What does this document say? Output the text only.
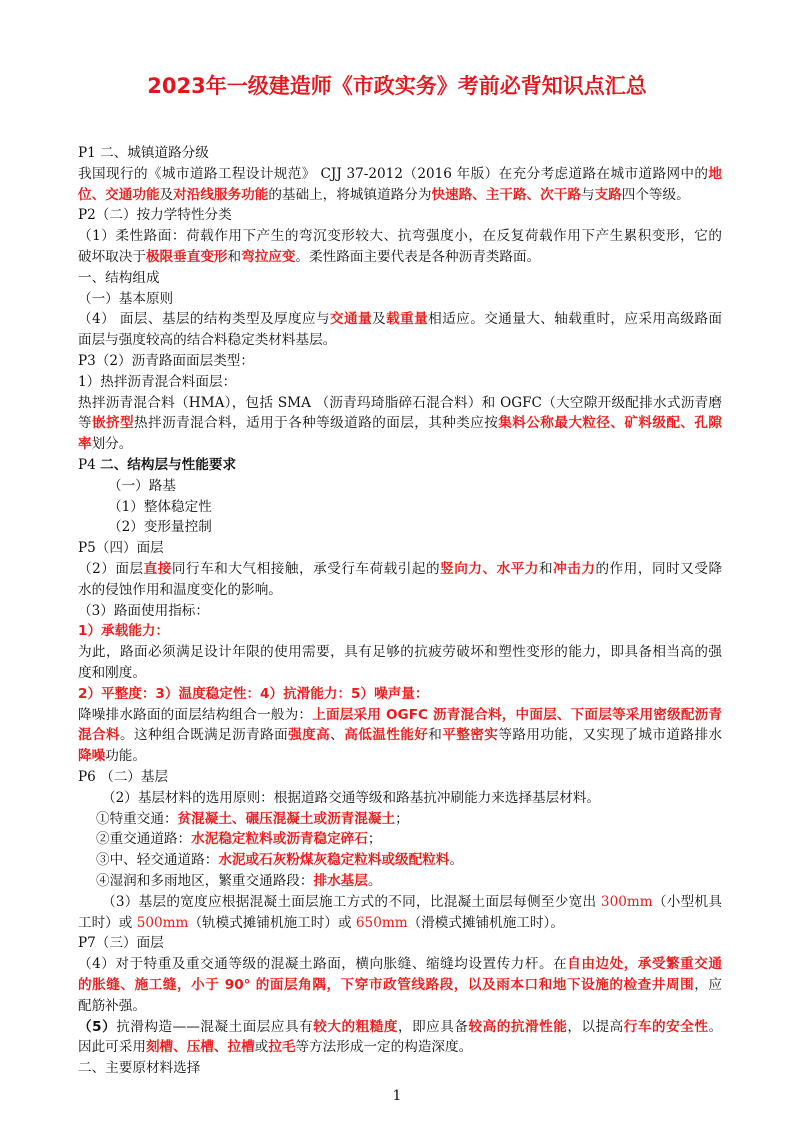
2023年一级建造师《市政实务》考前必背知识点汇总
P1 二、城镇道路分级
我国现行的《城市道路工程设计规范》 CJJ 37-2012（2016 年版）在充分考虑道路在城市道路网中的地
位、交通功能及对沿线服务功能的基础上，将城镇道路分为快速路、主干路、次干路与支路四个等级。
P2（二）按力学特性分类
（1）柔性路面：荷载作用下产生的弯沉变形较大、抗弯强度小，在反复荷载作用下产生累积变形，它的
破坏取决于极限垂直变形和弯拉应变。柔性路面主要代表是各种沥青类路面。
一、结构组成
（一）基本原则
（4） 面层、基层的结构类型及厚度应与交通量及载重量相适应。交通量大、轴载重时，应采用高级路面
面层与强度较高的结合料稳定类材料基层。
P3（2）沥青路面面层类型：
1）热拌沥青混合料面层：
热拌沥青混合料（HMA），包括 SMA （沥青玛琦脂碎石混合料）和 OGFC（大空隙开级配排水式沥青磨
等嵌挤型热拌沥青混合料，适用于各种等级道路的面层，其种类应按集料公称最大粒径、矿料级配、孔隙
率划分。
P4 二、结构层与性能要求
（一）路基
（1）整体稳定性
（2）变形量控制
P5（四）面层
（2）面层直接同行车和大气相接触，承受行车荷载引起的竖向力、水平力和冲击力的作用，同时又受降
水的侵蚀作用和温度变化的影响。
（3）路面使用指标：
1）承载能力：
为此，路面必须满足设计年限的使用需要，具有足够的抗疲劳破坏和塑性变形的能力，即具备相当高的强
度和刚度。
2）平整度：3）温度稳定性：4）抗滑能力：5）噪声量：
降噪排水路面的面层结构组合一般为：上面层采用 OGFC 沥青混合料，中面层、下面层等采用密级配沥青
混合料。这种组合既满足沥青路面强度高、高低温性能好和平整密实等路用功能，又实现了城市道路排水
降噪功能。
P6 （二）基层
（2）基层材料的选用原则：根据道路交通等级和路基抗冲刷能力来选择基层材料。
①特重交通：贫混凝土、碾压混凝土或沥青混凝土；
②重交通道路：水泥稳定粒料或沥青稳定碎石；
③中、轻交通道路：水泥或石灰粉煤灰稳定粒料或级配粒料。
④湿润和多雨地区，繁重交通路段：排水基层。
（3）基层的宽度应根据混凝土面层施工方式的不同，比混凝土面层每侧至少宽出 300mm（小型机具
工时）或 500mm（轨模式摊铺机施工时）或 650mm（滑模式摊铺机施工时）。
P7（三）面层
（4）对于特重及重交通等级的混凝土路面，横向胀缝、缩缝均设置传力杆。在自由边处，承受繁重交通
的胀缝、施工缝，小于 90° 的面层角隅，下穿市政管线路段，以及雨本口和地下设施的检查井周围，应
配筋补强。
（5）抗滑构造——混凝土面层应具有较大的粗糙度，即应具备较高的抗滑性能，以提高行车的安全性。
因此可采用刻槽、压槽、拉槽或拉毛等方法形成一定的构造深度。
二、主要原材料选择
1
